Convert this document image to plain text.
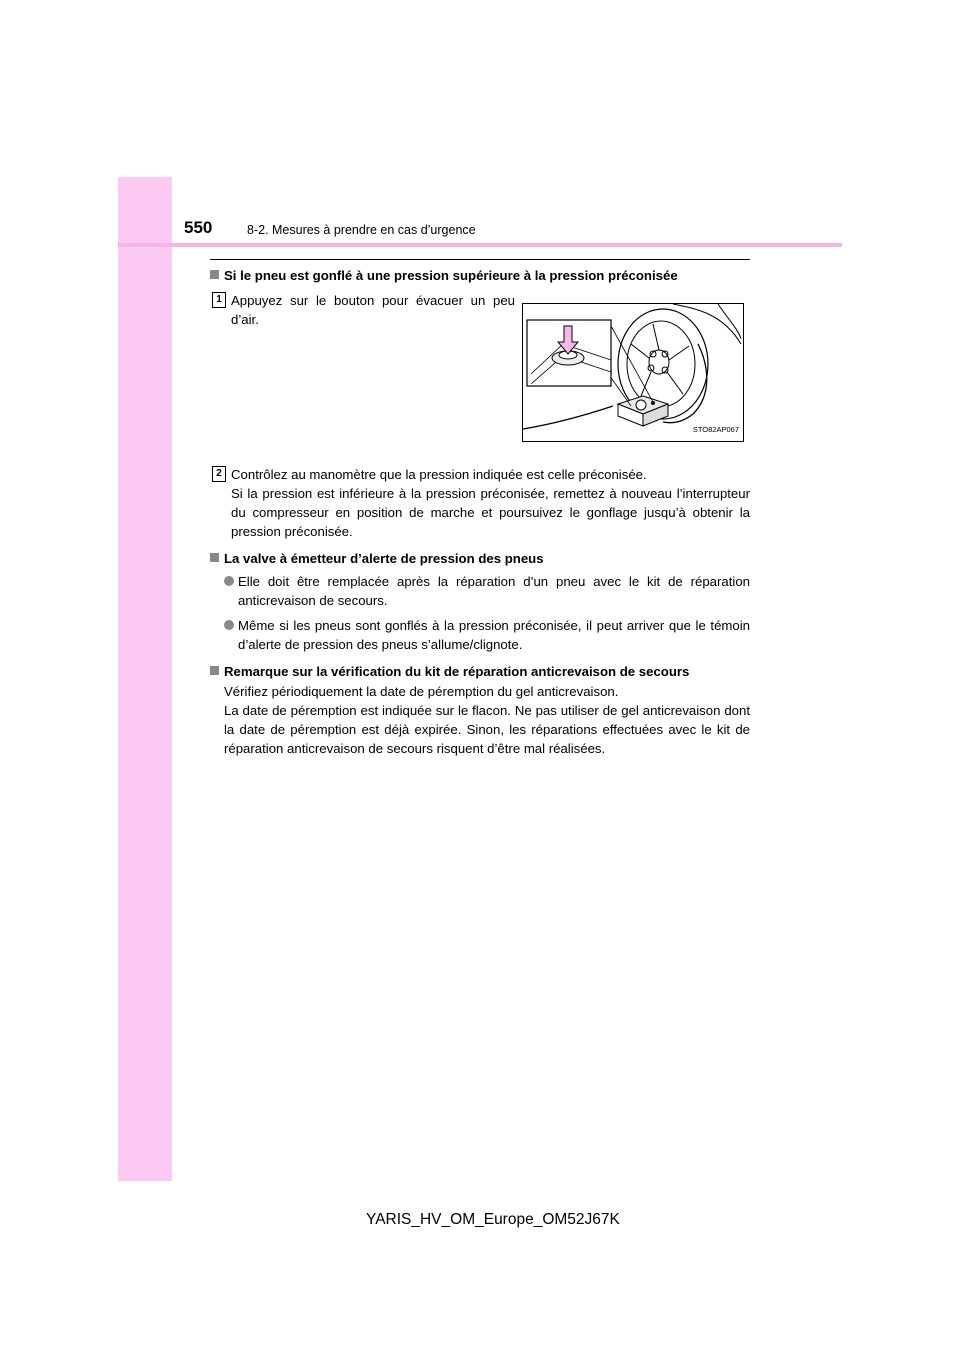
550	8-2. Mesures à prendre en cas d’urgence

Si le pneu est gonflé à une pression supérieure à la pression préconisée

1 Appuyez sur le bouton pour évacuer un peu d’air.
STO82AP067
2 Contrôlez au manomètre que la pression indiquée est celle préconisée.
Si la pression est inférieure à la pression préconisée, remettez à nouveau l’interrupteur du compresseur en position de marche et poursuivez le gonflage jusqu’à obtenir la pression préconisée.

La valve à émetteur d’alerte de pression des pneus

Elle doit être remplacée après la réparation d’un pneu avec le kit de réparation anticrevaison de secours.
Même si les pneus sont gonflés à la pression préconisée, il peut arriver que le témoin d’alerte de pression des pneus s’allume/clignote.

Remarque sur la vérification du kit de réparation anticrevaison de secours

Vérifiez périodiquement la date de péremption du gel anticrevaison.
La date de péremption est indiquée sur le flacon. Ne pas utiliser de gel anticrevaison dont la date de péremption est déjà expirée. Sinon, les réparations effectuées avec le kit de réparation anticrevaison de secours risquent d’être mal réalisées.
YARIS_HV_OM_Europe_OM52J67K
